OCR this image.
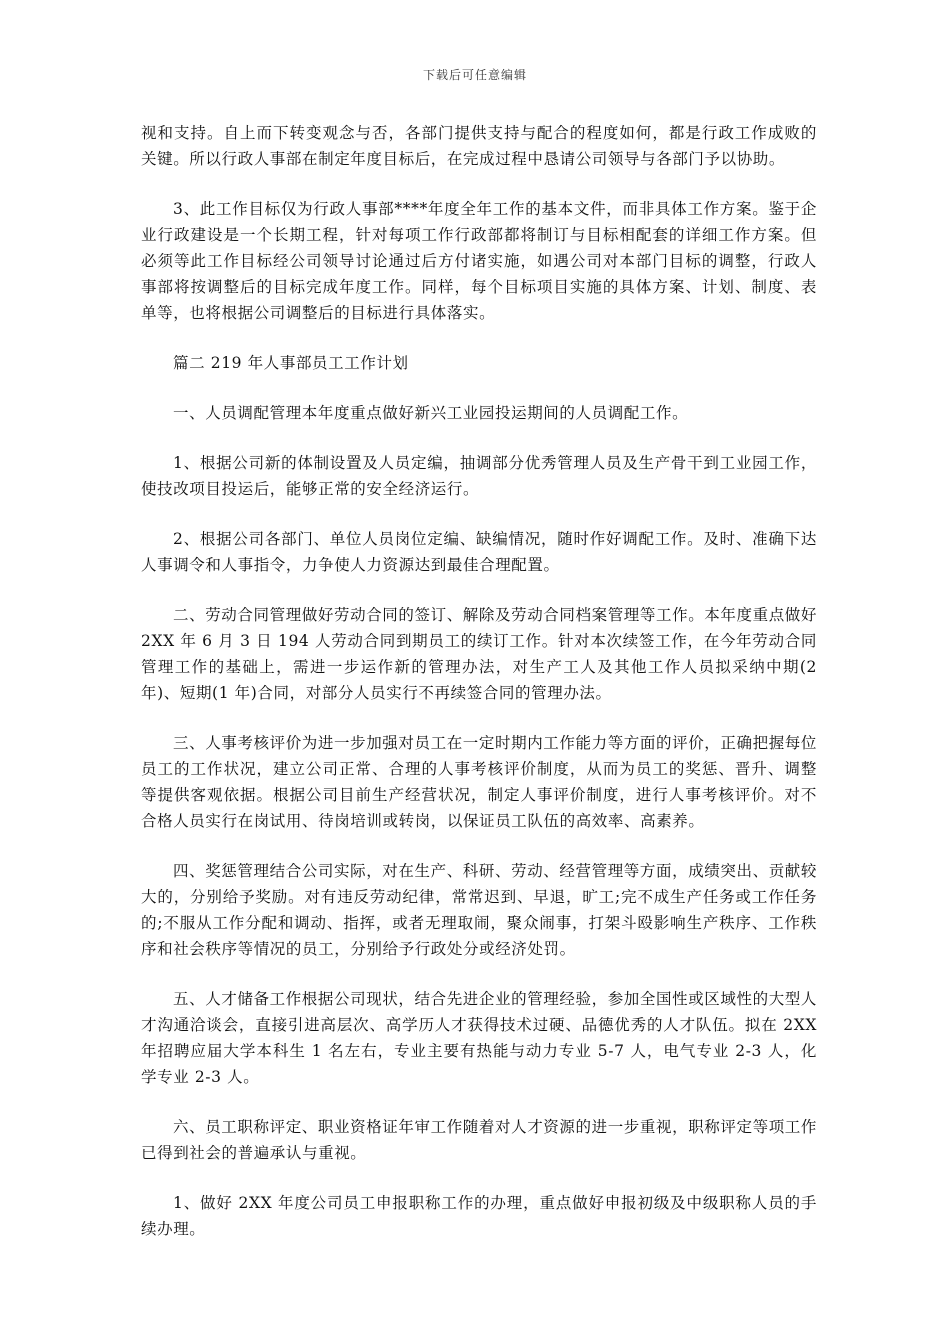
下载后可任意编辑

视和支持。自上而下转变观念与否，各部门提供支持与配合的程度如何，都是行政工作成败的关键。所以行政人事部在制定年度目标后，在完成过程中恳请公司领导与各部门予以协助。

3、此工作目标仅为行政人事部****年度全年工作的基本文件，而非具体工作方案。鉴于企业行政建设是一个长期工程，针对每项工作行政部都将制订与目标相配套的详细工作方案。但必须等此工作目标经公司领导讨论通过后方付诸实施，如遇公司对本部门目标的调整，行政人事部将按调整后的目标完成年度工作。同样，每个目标项目实施的具体方案、计划、制度、表单等，也将根据公司调整后的目标进行具体落实。

篇二 219 年人事部员工工作计划

一、人员调配管理本年度重点做好新兴工业园投运期间的人员调配工作。

1、根据公司新的体制设置及人员定编，抽调部分优秀管理人员及生产骨干到工业园工作，使技改项目投运后，能够正常的安全经济运行。

2、根据公司各部门、单位人员岗位定编、缺编情况，随时作好调配工作。及时、准确下达人事调令和人事指令，力争使人力资源达到最佳合理配置。

二、劳动合同管理做好劳动合同的签订、解除及劳动合同档案管理等工作。本年度重点做好 2XX 年 6 月 3 日 194 人劳动合同到期员工的续订工作。针对本次续签工作，在今年劳动合同管理工作的基础上，需进一步运作新的管理办法，对生产工人及其他工作人员拟采纳中期(2 年)、短期(1 年)合同，对部分人员实行不再续签合同的管理办法。

三、人事考核评价为进一步加强对员工在一定时期内工作能力等方面的评价，正确把握每位员工的工作状况，建立公司正常、合理的人事考核评价制度，从而为员工的奖惩、晋升、调整等提供客观依据。根据公司目前生产经营状况，制定人事评价制度，进行人事考核评价。对不合格人员实行在岗试用、待岗培训或转岗，以保证员工队伍的高效率、高素养。

四、奖惩管理结合公司实际，对在生产、科研、劳动、经营管理等方面，成绩突出、贡献较大的，分别给予奖励。对有违反劳动纪律，常常迟到、早退，旷工;完不成生产任务或工作任务的;不服从工作分配和调动、指挥，或者无理取闹，聚众闹事，打架斗殴影响生产秩序、工作秩序和社会秩序等情况的员工，分别给予行政处分或经济处罚。

五、人才储备工作根据公司现状，结合先进企业的管理经验，参加全国性或区域性的大型人才沟通洽谈会，直接引进高层次、高学历人才获得技术过硬、品德优秀的人才队伍。拟在 2XX 年招聘应届大学本科生 1 名左右，专业主要有热能与动力专业 5-7 人，电气专业 2-3 人，化学专业 2-3 人。

六、员工职称评定、职业资格证年审工作随着对人才资源的进一步重视，职称评定等项工作已得到社会的普遍承认与重视。

1、做好 2XX 年度公司员工申报职称工作的办理，重点做好申报初级及中级职称人员的手续办理。
